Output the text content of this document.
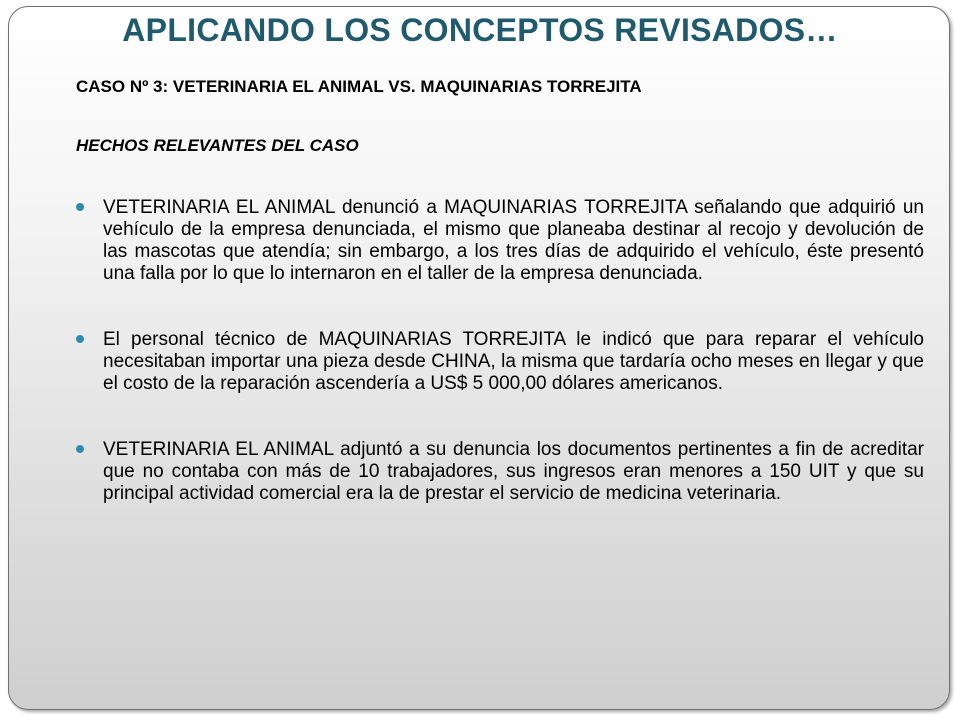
APLICANDO LOS CONCEPTOS REVISADOS…

CASO Nº 3: VETERINARIA EL ANIMAL VS. MAQUINARIAS TORREJITA

HECHOS RELEVANTES DEL CASO

VETERINARIA EL ANIMAL denunció a MAQUINARIAS TORREJITA señalando que adquirió un vehículo de la empresa denunciada, el mismo que planeaba destinar al recojo y devolución de las mascotas que atendía; sin embargo, a los tres días de adquirido el vehículo, éste presentó una falla por lo que lo internaron en el taller de la empresa denunciada.
El personal técnico de MAQUINARIAS TORREJITA le indicó que para reparar el vehículo necesitaban importar una pieza desde CHINA, la misma que tardaría ocho meses en llegar y que el costo de la reparación ascendería a US$ 5 000,00 dólares americanos.
VETERINARIA EL ANIMAL adjuntó a su denuncia los documentos pertinentes a fin de acreditar que no contaba con más de 10 trabajadores, sus ingresos eran menores a 150 UIT y que su principal actividad comercial era la de prestar el servicio de medicina veterinaria.
